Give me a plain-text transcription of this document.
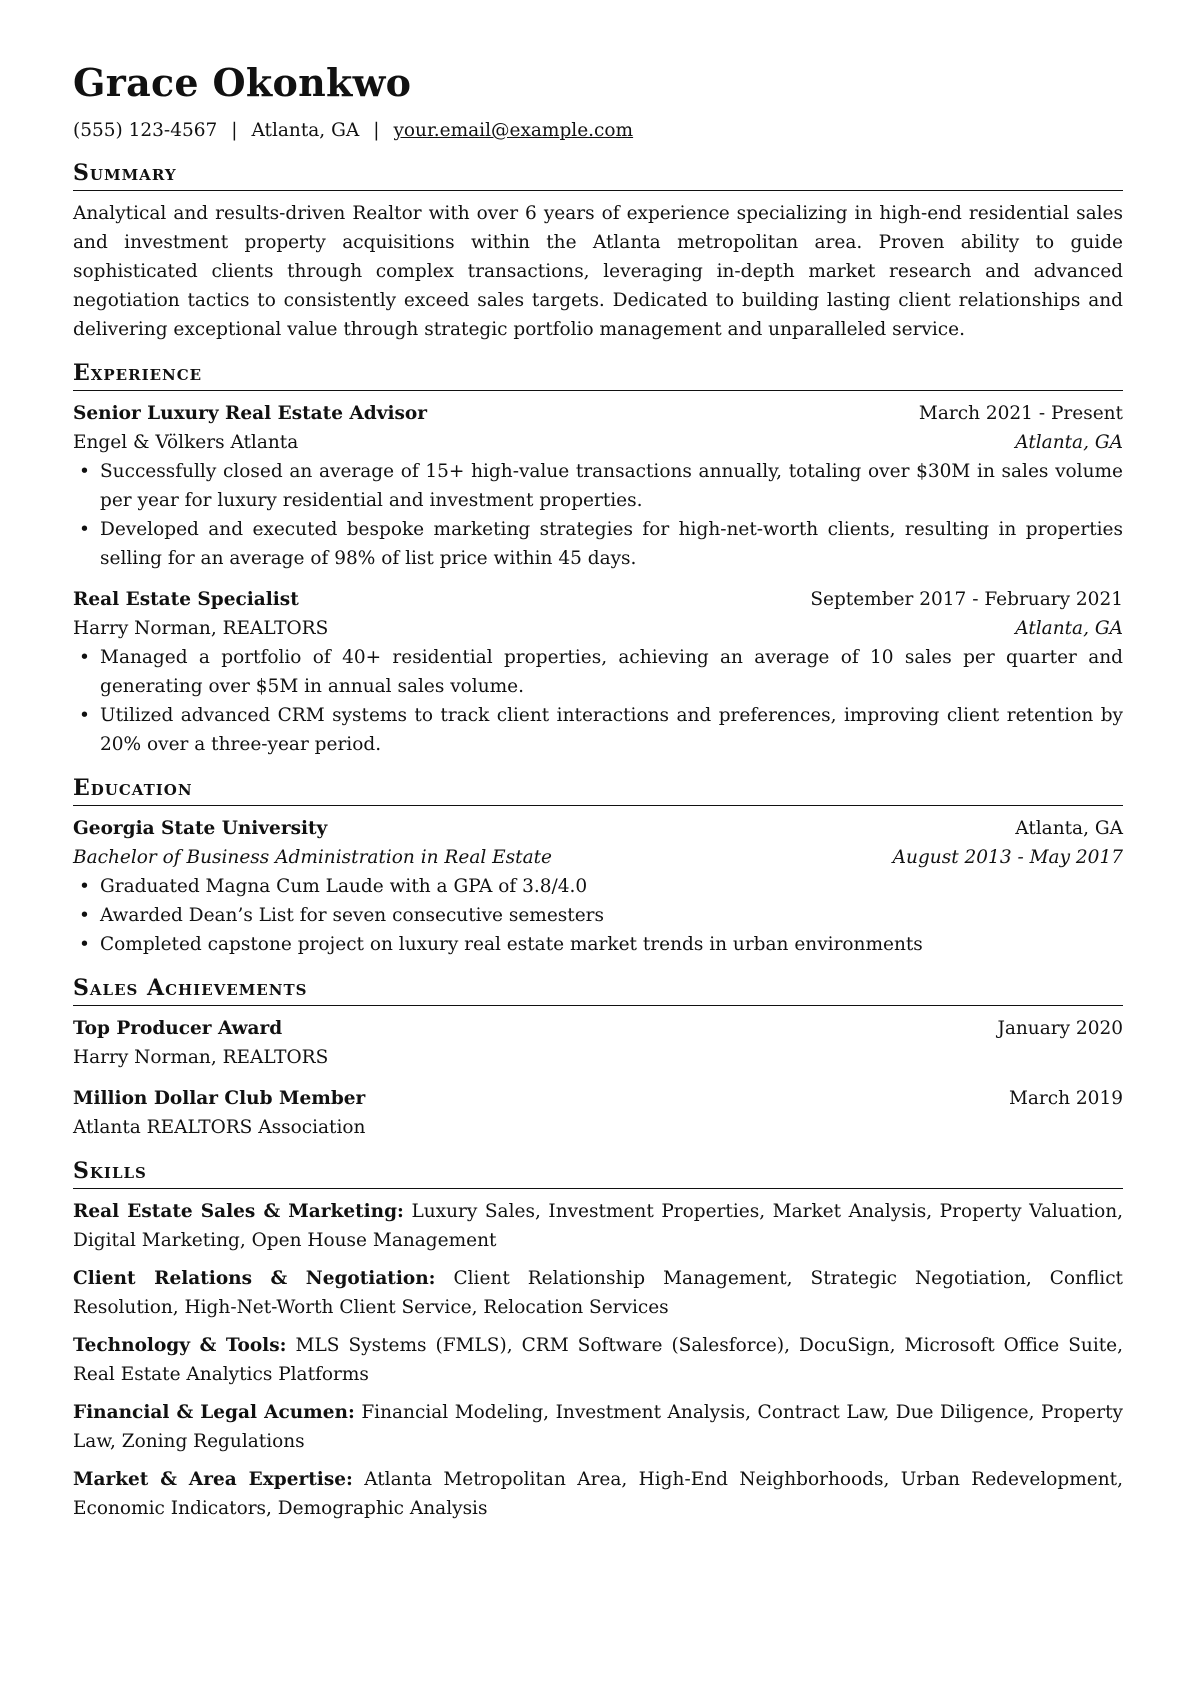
Grace Okonkwo
(555) 123-4567 | Atlanta, GA | your.email@example.com
Summary
Analytical and results-driven Realtor with over 6 years of experience specializing in high-end residential sales and investment property acquisitions within the Atlanta metropolitan area. Proven ability to guide sophisticated clients through complex transactions, leveraging in-depth market research and advanced negotiation tactics to consistently exceed sales targets. Dedicated to building lasting client relationships and delivering exceptional value through strategic portfolio management and unparalleled service.
Experience
Senior Luxury Real Estate Advisor	March 2021 - Present
Engel & Völkers Atlanta	Atlanta, GA
• Successfully closed an average of 15+ high-value transactions annually, totaling over $30M in sales volume per year for luxury residential and investment properties.
• Developed and executed bespoke marketing strategies for high-net-worth clients, resulting in properties selling for an average of 98% of list price within 45 days.
Real Estate Specialist	September 2017 - February 2021
Harry Norman, REALTORS	Atlanta, GA
• Managed a portfolio of 40+ residential properties, achieving an average of 10 sales per quarter and generating over $5M in annual sales volume.
• Utilized advanced CRM systems to track client interactions and preferences, improving client retention by 20% over a three-year period.
Education
Georgia State University	Atlanta, GA
Bachelor of Business Administration in Real Estate	August 2013 - May 2017
• Graduated Magna Cum Laude with a GPA of 3.8/4.0
• Awarded Dean’s List for seven consecutive semesters
• Completed capstone project on luxury real estate market trends in urban environments
Sales Achievements
Top Producer Award	January 2020
Harry Norman, REALTORS
Million Dollar Club Member	March 2019
Atlanta REALTORS Association
Skills
Real Estate Sales & Marketing: Luxury Sales, Investment Properties, Market Analysis, Property Valuation, Digital Marketing, Open House Management
Client Relations & Negotiation: Client Relationship Management, Strategic Negotiation, Conflict Resolution, High-Net-Worth Client Service, Relocation Services
Technology & Tools: MLS Systems (FMLS), CRM Software (Salesforce), DocuSign, Microsoft Office Suite, Real Estate Analytics Platforms
Financial & Legal Acumen: Financial Modeling, Investment Analysis, Contract Law, Due Diligence, Property Law, Zoning Regulations
Market & Area Expertise: Atlanta Metropolitan Area, High-End Neighborhoods, Urban Redevelopment, Economic Indicators, Demographic Analysis
